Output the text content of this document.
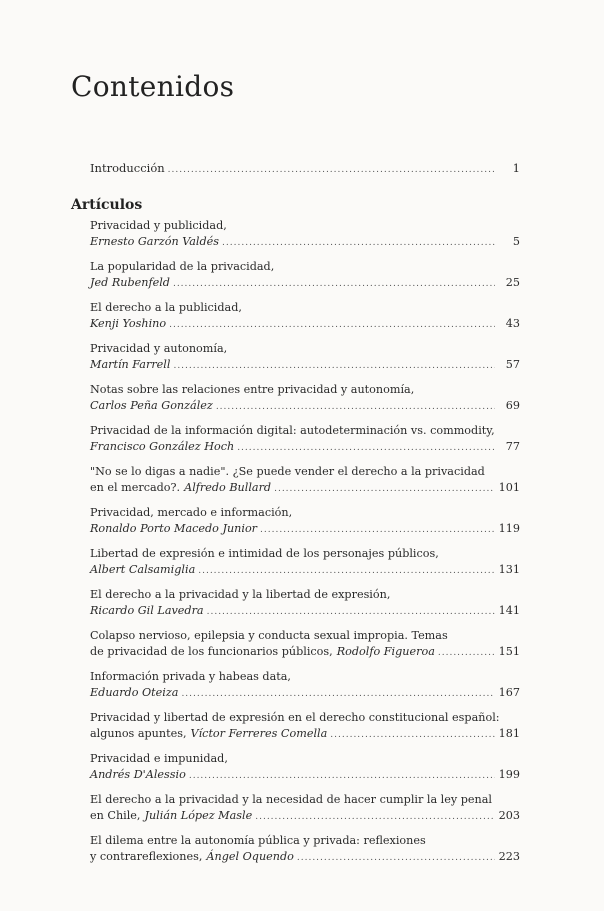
Contenidos
Introducción .....	1
Artículos
Privacidad y publicidad,
Ernesto Garzón Valdés .....	5
La popularidad de la privacidad,
Jed Rubenfeld .....	25
El derecho a la publicidad,
Kenji Yoshino .....	43
Privacidad y autonomía,
Martín Farrell .....	57
Notas sobre las relaciones entre privacidad y autonomía,
Carlos Peña González .....	69
Privacidad de la información digital: autodeterminación vs. commodity,
Francisco González Hoch .....	77
"No se lo digas a nadie". ¿Se puede vender el derecho a la privacidad
en el mercado?. Alfredo Bullard .....	101
Privacidad, mercado e información,
Ronaldo Porto Macedo Junior .....	119
Libertad de expresión e intimidad de los personajes públicos,
Albert Calsamiglia .....	131
El derecho a la privacidad y la libertad de expresión,
Ricardo Gil Lavedra .....	141
Colapso nervioso, epilepsia y conducta sexual impropia. Temas
de privacidad de los funcionarios públicos, Rodolfo Figueroa .....	151
Información privada y habeas data,
Eduardo Oteiza .....	167
Privacidad y libertad de expresión en el derecho constitucional español:
algunos apuntes, Víctor Ferreres Comella .....	181
Privacidad e impunidad,
Andrés D'Alessio .....	199
El derecho a la privacidad y la necesidad de hacer cumplir la ley penal
en Chile, Julián López Masle .....	203
El dilema entre la autonomía pública y privada: reflexiones
y contrareflexiones, Ángel Oquendo .....	223
